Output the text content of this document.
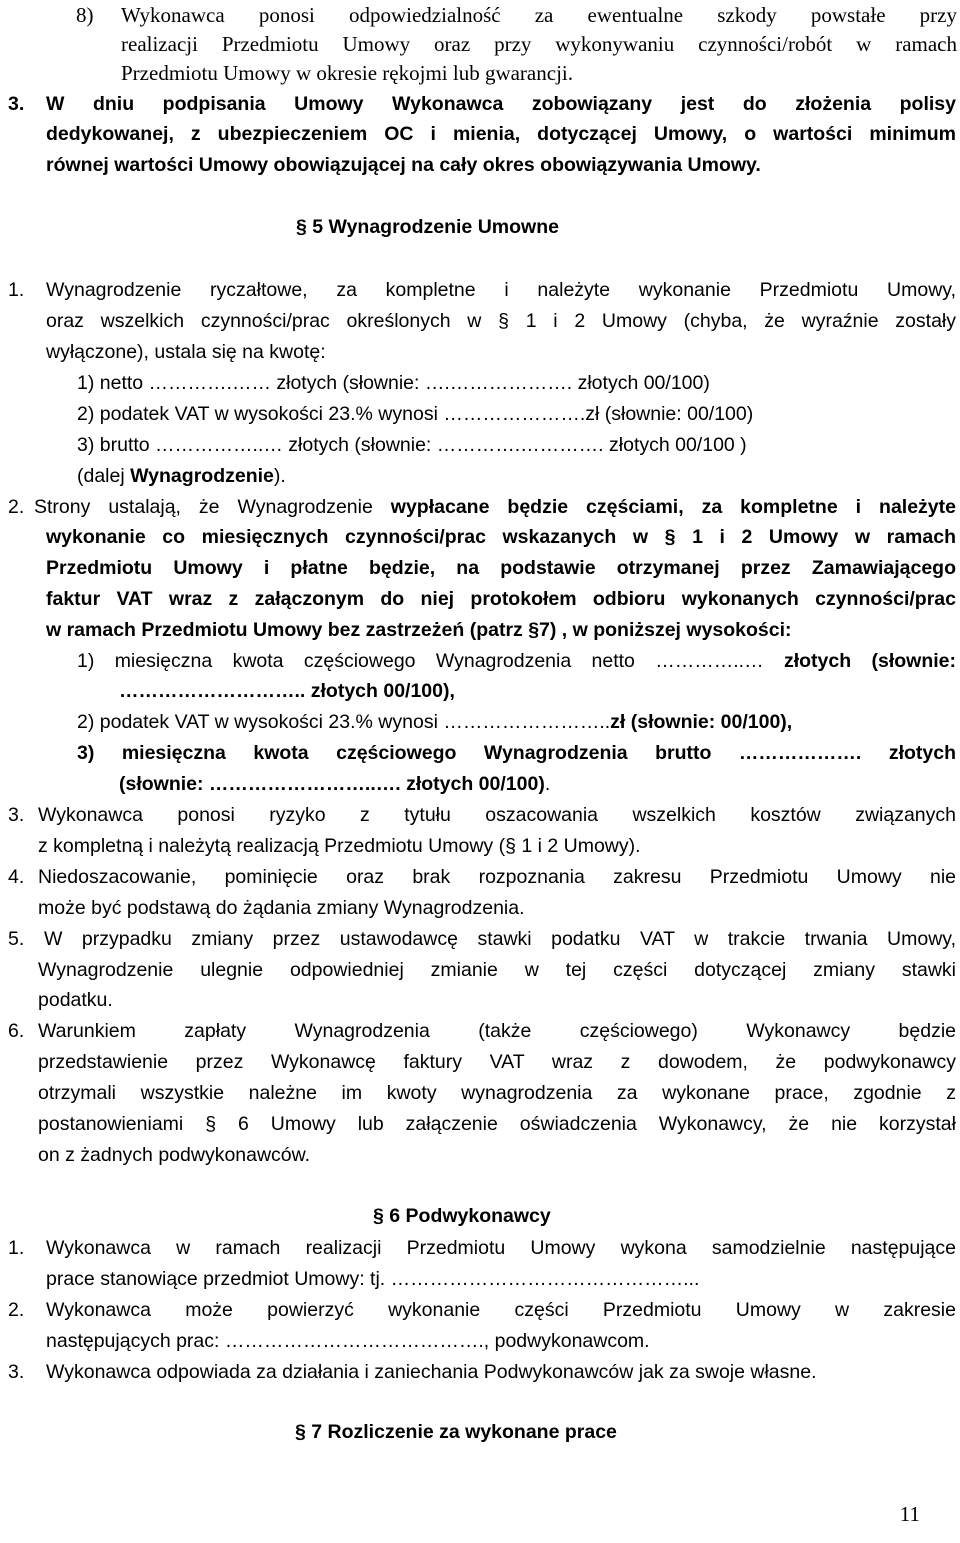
8) Wykonawca ponosi odpowiedzialność za ewentualne szkody powstałe przy
realizacji Przedmiotu Umowy oraz przy wykonywaniu czynności/robót w ramach
Przedmiotu Umowy w okresie rękojmi lub gwarancji.
3. W dniu podpisania Umowy Wykonawca zobowiązany jest do złożenia polisy
dedykowanej, z ubezpieczeniem OC i mienia, dotyczącej Umowy, o wartości minimum
równej wartości Umowy obowiązującej na cały okres obowiązywania Umowy.
§ 5 Wynagrodzenie Umowne
1. Wynagrodzenie ryczałtowe, za kompletne i należyte wykonanie Przedmiotu Umowy,
oraz wszelkich czynności/prac określonych w § 1 i 2 Umowy (chyba, że wyraźnie zostały
wyłączone), ustala się na kwotę:
1) netto ………….…… złotych (słownie: ….………………. złotych 00/100)
2) podatek VAT w wysokości 23.% wynosi ………………….zł (słownie: 00/100)
3) brutto ……………..… złotych (słownie: ………….…………. złotych 00/100 )
(dalej Wynagrodzenie).
2. Strony ustalają, że Wynagrodzenie wypłacane będzie częściami, za kompletne i należyte
wykonanie co miesięcznych czynności/prac wskazanych w § 1 i 2 Umowy w ramach
Przedmiotu Umowy i płatne będzie, na podstawie otrzymanej przez Zamawiającego
faktur VAT wraz z załączonym do niej protokołem odbioru wykonanych czynności/prac
w ramach Przedmiotu Umowy bez zastrzeżeń (patrz §7) , w poniższej wysokości:
1) miesięczna kwota częściowego Wynagrodzenia netto …………..… złotych (słownie:
……………………….. złotych 00/100),
2) podatek VAT w wysokości 23.% wynosi ……………………..zł (słownie: 00/100),
3) miesięczna kwota częściowego Wynagrodzenia brutto ………………. złotych
(słownie: ……………………..…. złotych 00/100).
3. Wykonawca ponosi ryzyko z tytułu oszacowania wszelkich kosztów związanych
z kompletną i należytą realizacją Przedmiotu Umowy (§ 1 i 2 Umowy).
4. Niedoszacowanie, pominięcie oraz brak rozpoznania zakresu Przedmiotu Umowy nie
może być podstawą do żądania zmiany Wynagrodzenia.
5. W przypadku zmiany przez ustawodawcę stawki podatku VAT w trakcie trwania Umowy,
Wynagrodzenie ulegnie odpowiedniej zmianie w tej części dotyczącej zmiany stawki
podatku.
6. Warunkiem zapłaty Wynagrodzenia (także częściowego) Wykonawcy będzie
przedstawienie przez Wykonawcę faktury VAT wraz z dowodem, że podwykonawcy
otrzymali wszystkie należne im kwoty wynagrodzenia za wykonane prace, zgodnie z
postanowieniami § 6 Umowy lub załączenie oświadczenia Wykonawcy, że nie korzystał
on z żadnych podwykonawców.
§ 6 Podwykonawcy
1. Wykonawca w ramach realizacji Przedmiotu Umowy wykona samodzielnie następujące
prace stanowiące przedmiot Umowy: tj. ………………………………………...
2. Wykonawca może powierzyć wykonanie części Przedmiotu Umowy w zakresie
następujących prac: …………………………………., podwykonawcom.
3. Wykonawca odpowiada za działania i zaniechania Podwykonawców jak za swoje własne.
§ 7 Rozliczenie za wykonane prace
11
